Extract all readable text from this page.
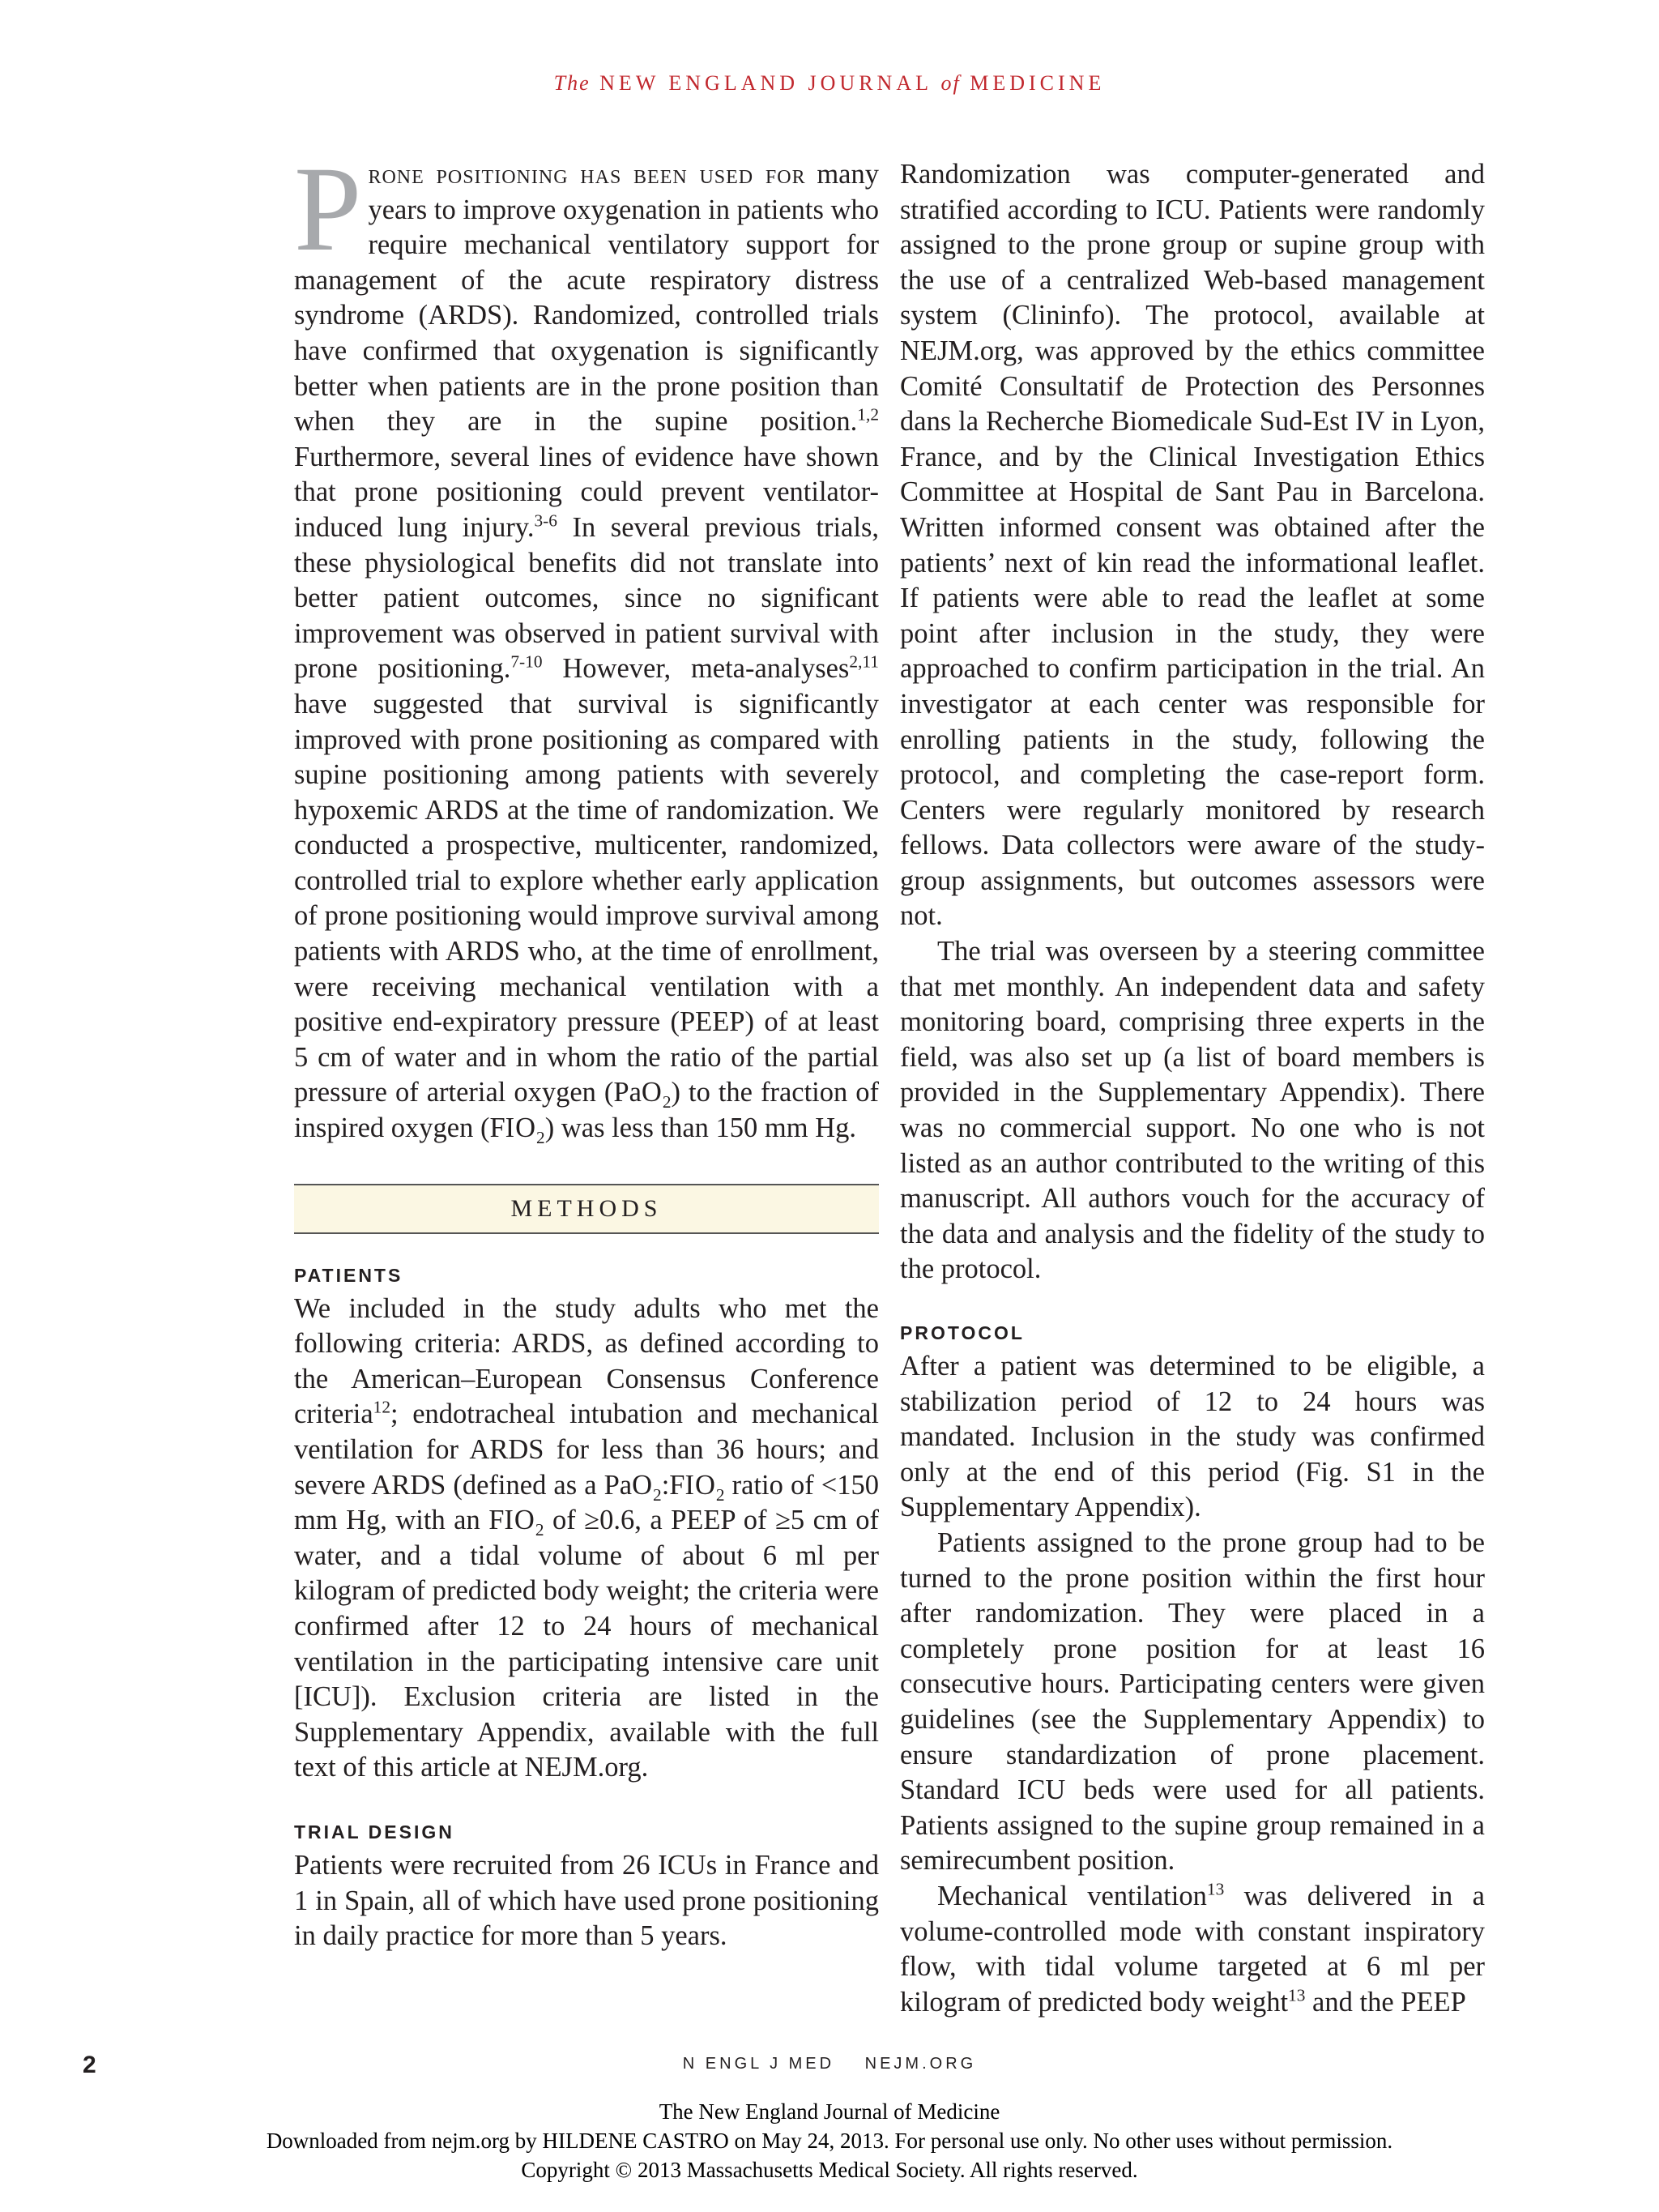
The NEW ENGLAND JOURNAL of MEDICINE

Prone positioning has been used for many years to improve oxygenation in patients who require mechanical ventilatory support for management of the acute respiratory distress syndrome (ARDS). Randomized, controlled trials have confirmed that oxygenation is significantly better when patients are in the prone position than when they are in the supine position.$^{1,2}$ Furthermore, several lines of evidence have shown that prone positioning could prevent ventilator-induced lung injury.$^{3-6}$ In several previous trials, these physiological benefits did not translate into better patient outcomes, since no significant improvement was observed in patient survival with prone positioning.$^{7-10}$ However, meta-analyses$^{2,11}$ have suggested that survival is significantly improved with prone positioning as compared with supine positioning among patients with severely hypoxemic ARDS at the time of randomization. We conducted a prospective, multicenter, randomized, controlled trial to explore whether early application of prone positioning would improve survival among patients with ARDS who, at the time of enrollment, were receiving mechanical ventilation with a positive end-expiratory pressure (PEEP) of at least 5 cm of water and in whom the ratio of the partial pressure of arterial oxygen (PaO$_2$) to the fraction of inspired oxygen $(FIO_2)$ was less than 150 mm Hg.

METHODS
PATIENTS

We included in the study adults who met the following criteria: ARDS, as defined according to the American–European Consensus Conference criteria$^{12}$; endotracheal intubation and mechanical ventilation for ARDS for less than 36 hours; and severe ARDS (defined as a $PaO_2:FIO_2$ ratio of <150 mm Hg, with an $FIO_2$ of ≥0.6, a PEEP of ≥5 cm of water, and a tidal volume of about 6 ml per kilogram of predicted body weight; the criteria were confirmed after 12 to 24 hours of mechanical ventilation in the participating intensive care unit [ICU]). Exclusion criteria are listed in the Supplementary Appendix, available with the full text of this article at NEJM.org.

TRIAL DESIGN

Patients were recruited from 26 ICUs in France and 1 in Spain, all of which have used prone positioning in daily practice for more than 5 years.

Randomization was computer-generated and stratified according to ICU. Patients were randomly assigned to the prone group or supine group with the use of a centralized Web-based management system (Clininfo). The protocol, available at NEJM.org, was approved by the ethics committee Comité Consultatif de Protection des Personnes dans la Recherche Biomedicale Sud-Est IV in Lyon, France, and by the Clinical Investigation Ethics Committee at Hospital de Sant Pau in Barcelona. Written informed consent was obtained after the patients’ next of kin read the informational leaflet. If patients were able to read the leaflet at some point after inclusion in the study, they were approached to confirm participation in the trial. An investigator at each center was responsible for enrolling patients in the study, following the protocol, and completing the case-report form. Centers were regularly monitored by research fellows. Data collectors were aware of the study-group assignments, but outcomes assessors were not.

The trial was overseen by a steering committee that met monthly. An independent data and safety monitoring board, comprising three experts in the field, was also set up (a list of board members is provided in the Supplementary Appendix). There was no commercial support. No one who is not listed as an author contributed to the writing of this manuscript. All authors vouch for the accuracy of the data and analysis and the fidelity of the study to the protocol.

PROTOCOL

After a patient was determined to be eligible, a stabilization period of 12 to 24 hours was mandated. Inclusion in the study was confirmed only at the end of this period (Fig. S1 in the Supplementary Appendix).

Patients assigned to the prone group had to be turned to the prone position within the first hour after randomization. They were placed in a completely prone position for at least 16 consecutive hours. Participating centers were given guidelines (see the Supplementary Appendix) to ensure standardization of prone placement. Standard ICU beds were used for all patients. Patients assigned to the supine group remained in a semirecumbent position.

Mechanical ventilation$^{13}$ was delivered in a volume-controlled mode with constant inspiratory flow, with tidal volume targeted at 6 ml per kilogram of predicted body weight$^{13}$ and the PEEP

2	N ENGL J MED NEJM.ORG
The New England Journal of Medicine
Downloaded from nejm.org by HILDENE CASTRO on May 24, 2013. For personal use only. No other uses without permission.
Copyright © 2013 Massachusetts Medical Society. All rights reserved.
